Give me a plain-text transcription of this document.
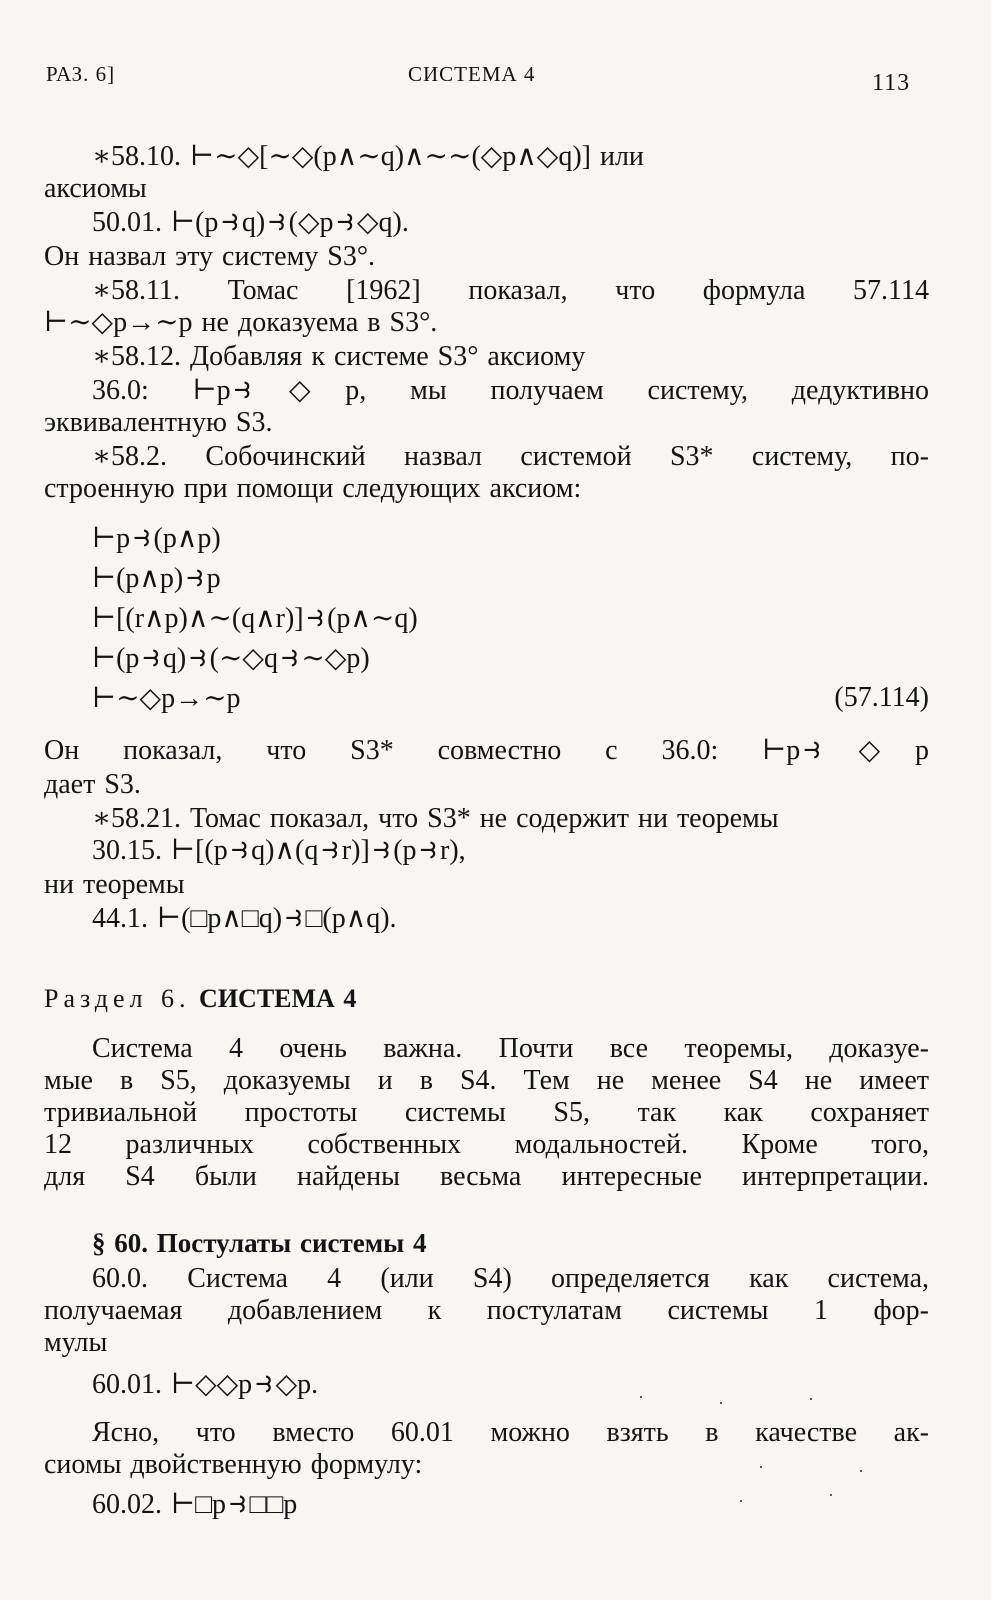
РАЗ. 6]	СИСТЕМА 4	113
∗58.10. ⊢∼◇[∼◇(p∧∼q)∧∼∼(◇p∧◇q)] или
аксиомы
50.01. ⊢(p⥽q)⥽(◇p⥽◇q).
Он назвал эту систему S3°.
∗58.11. Томас [1962] показал, что формула 57.114
⊢∼◇p→∼p не доказуема в S3°.
∗58.12. Добавляя к системе S3° аксиому
36.0: ⊢p⥽◇p, мы получаем систему, дедуктивно
эквивалентную S3.
∗58.2. Собочинский назвал системой S3* систему, по-
строенную при помощи следующих аксиом:
⊢p⥽(p∧p)
⊢(p∧p)⥽p
⊢[(r∧p)∧∼(q∧r)]⥽(p∧∼q)
⊢(p⥽q)⥽(∼◇q⥽∼◇p)
⊢∼◇p→∼p	(57.114)
Он показал, что S3* совместно с 36.0: ⊢p⥽◇p
дает S3.
∗58.21. Томас показал, что S3* не содержит ни теоремы
30.15. ⊢[(p⥽q)∧(q⥽r)]⥽(p⥽r),
ни теоремы
44.1. ⊢(□p∧□q)⥽□(p∧q).
Раздел 6. СИСТЕМА 4
Система 4 очень важна. Почти все теоремы, доказуе-
мые в S5, доказуемы и в S4. Тем не менее S4 не имеет
тривиальной простоты системы S5, так как сохраняет
12 различных собственных модальностей. Кроме того,
для S4 были найдены весьма интересные интерпретации.
§ 60. Постулаты системы 4
60.0. Система 4 (или S4) определяется как система,
получаемая добавлением к постулатам системы 1 фор-
мулы
60.01. ⊢◇◇p⥽◇p.
Ясно, что вместо 60.01 можно взять в качестве ак-
сиомы двойственную формулу:
60.02. ⊢□p⥽□□p
